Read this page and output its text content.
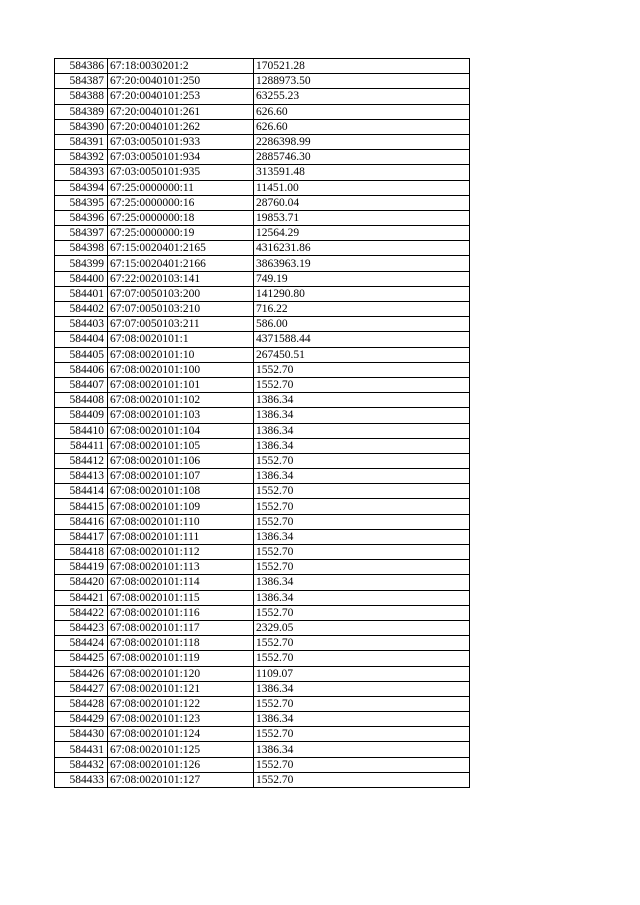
584386	67:18:0030201:2	170521.28
584387	67:20:0040101:250	1288973.50
584388	67:20:0040101:253	63255.23
584389	67:20:0040101:261	626.60
584390	67:20:0040101:262	626.60
584391	67:03:0050101:933	2286398.99
584392	67:03:0050101:934	2885746.30
584393	67:03:0050101:935	313591.48
584394	67:25:0000000:11	11451.00
584395	67:25:0000000:16	28760.04
584396	67:25:0000000:18	19853.71
584397	67:25:0000000:19	12564.29
584398	67:15:0020401:2165	4316231.86
584399	67:15:0020401:2166	3863963.19
584400	67:22:0020103:141	749.19
584401	67:07:0050103:200	141290.80
584402	67:07:0050103:210	716.22
584403	67:07:0050103:211	586.00
584404	67:08:0020101:1	4371588.44
584405	67:08:0020101:10	267450.51
584406	67:08:0020101:100	1552.70
584407	67:08:0020101:101	1552.70
584408	67:08:0020101:102	1386.34
584409	67:08:0020101:103	1386.34
584410	67:08:0020101:104	1386.34
584411	67:08:0020101:105	1386.34
584412	67:08:0020101:106	1552.70
584413	67:08:0020101:107	1386.34
584414	67:08:0020101:108	1552.70
584415	67:08:0020101:109	1552.70
584416	67:08:0020101:110	1552.70
584417	67:08:0020101:111	1386.34
584418	67:08:0020101:112	1552.70
584419	67:08:0020101:113	1552.70
584420	67:08:0020101:114	1386.34
584421	67:08:0020101:115	1386.34
584422	67:08:0020101:116	1552.70
584423	67:08:0020101:117	2329.05
584424	67:08:0020101:118	1552.70
584425	67:08:0020101:119	1552.70
584426	67:08:0020101:120	1109.07
584427	67:08:0020101:121	1386.34
584428	67:08:0020101:122	1552.70
584429	67:08:0020101:123	1386.34
584430	67:08:0020101:124	1552.70
584431	67:08:0020101:125	1386.34
584432	67:08:0020101:126	1552.70
584433	67:08:0020101:127	1552.70
